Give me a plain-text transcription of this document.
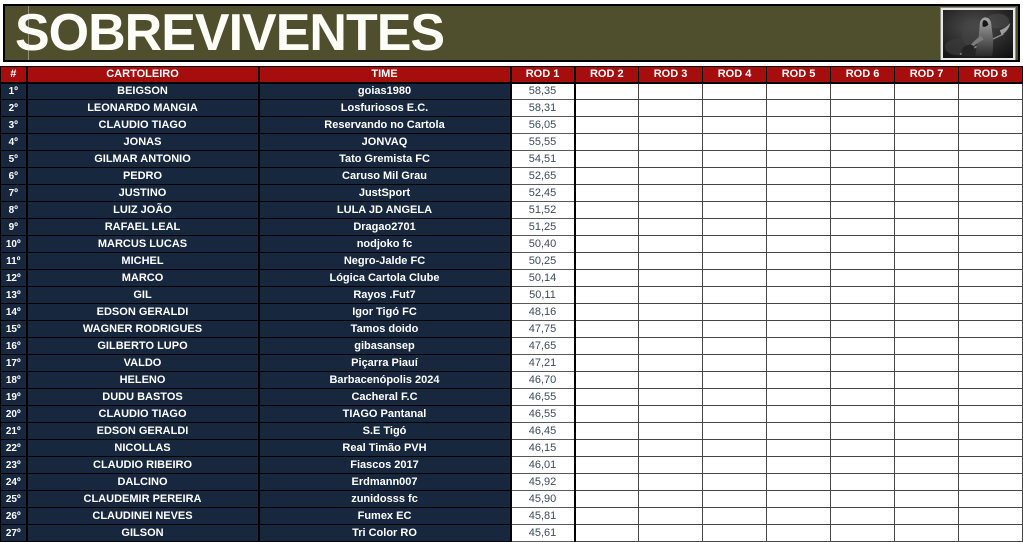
SOBREVIVENTES
#	CARTOLEIRO	TIME	ROD 1	ROD 2	ROD 3	ROD 4	ROD 5	ROD 6	ROD 7	ROD 8
1º	BEIGSON	goias1980	58,35							
2º	LEONARDO MANGIA	Losfuriosos E.C.	58,31							
3º	CLAUDIO TIAGO	Reservando no Cartola	56,05							
4º	JONAS	JONVAQ	55,55							
5º	GILMAR ANTONIO	Tato Gremista FC	54,51							
6º	PEDRO	Caruso Mil Grau	52,65							
7º	JUSTINO	JustSport	52,45							
8º	LUIZ JOÃO	LULA JD ANGELA	51,52							
9º	RAFAEL LEAL	Dragao2701	51,25							
10º	MARCUS LUCAS	nodjoko fc	50,40							
11º	MICHEL	Negro-Jalde FC	50,25							
12º	MARCO	Lógica Cartola Clube	50,14							
13º	GIL	Rayos .Fut7	50,11							
14º	EDSON GERALDI	Igor Tigó FC	48,16							
15º	WAGNER RODRIGUES	Tamos doido	47,75							
16º	GILBERTO LUPO	gibasansep	47,65							
17º	VALDO	Piçarra Piauí	47,21							
18º	HELENO	Barbacenópolis 2024	46,70							
19º	DUDU BASTOS	Cacheral F.C	46,55							
20º	CLAUDIO TIAGO	TIAGO Pantanal	46,55							
21º	EDSON GERALDI	S.E Tigó	46,45							
22º	NICOLLAS	Real Timão PVH	46,15							
23º	CLAUDIO RIBEIRO	Fiascos 2017	46,01							
24º	DALCINO	Erdmann007	45,92							
25º	CLAUDEMIR PEREIRA	zunidosss fc	45,90							
26º	CLAUDINEI NEVES	Fumex EC	45,81							
27º	GILSON	Tri Color RO	45,61							
